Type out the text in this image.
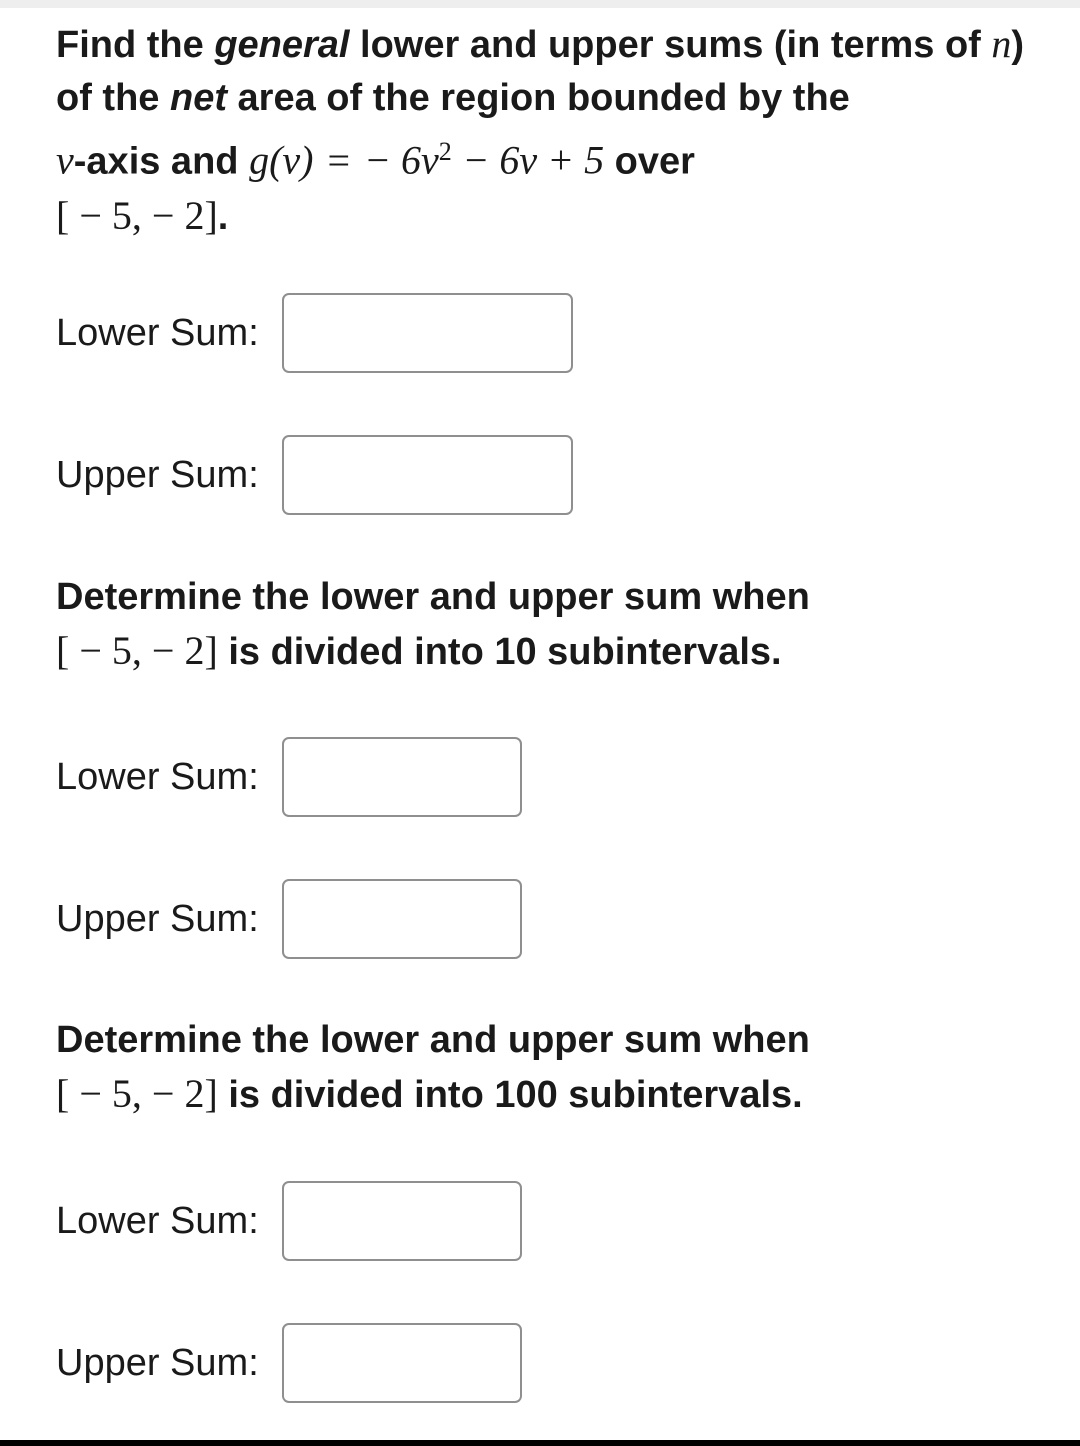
Find the general lower and upper sums (in terms of n) of the net area of the region bounded by the
v-axis and g(v) = − $6v^2 - 6v + 5$ over
[ − 5, − 2].

Lower Sum:
Upper Sum:

Determine the lower and upper sum when
[ − 5, − 2] is divided into 10 subintervals.

Lower Sum:
Upper Sum:

Determine the lower and upper sum when
[ − 5, − 2] is divided into 100 subintervals.

Lower Sum:
Upper Sum:
